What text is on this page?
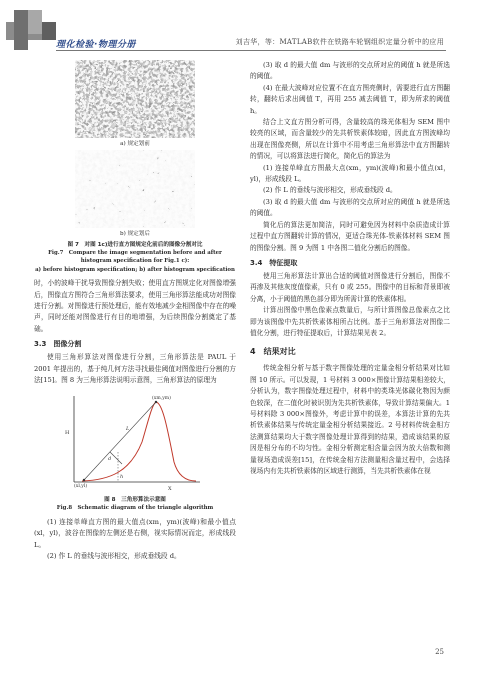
理化检验·物理分册	刘吉华，等：MATLAB软件在铁路车轮钢组织定量分析中的应用
a) 规定划前
b) 规定划后
图 7　对图 1c)进行直方图规定化前后的图像分割对比
Fig.7　Compare the image segmentation before and after
histogram specification for Fig.1 c):
a) before histogram specification; b) after histogram specification

时，小的波峰干扰导致图像分割失败；使用直方图规定化对图像增强后，图像直方图符合三角形算法要求，使用三角形算法能成功对图像进行分割。对图像进行预处理后，能有效地减少金相图像中存在的噪声，同时还能对图像进行有目的地增强，为后续图像分割奠定了基础。

3.3　图像分割

使用三角形算法对图像进行分割，三角形算法是 PAUL 于 2001 年提出的，基于纯几何方法寻找最佳阈值对图像进行分割的方法[15]。图 8 为三角形算法说明示意图，三角形算法的原理为

H
X
(xm,ym)
(xl,yl)
L
d
h
图 8　三角形算法示意图
Fig.8　Schematic diagram of the triangle algorithm

(1) 连接单峰直方图的最大值点(xm，ym)(波峰)和最小值点(xl，yl)，波谷在图像的左侧还是右侧，视实际情况而定，形成线段 L。

(2) 作 L 的垂线与波形相交，形成垂线段 d。

(3) 取 d 的最大值 dm 与波形的交点所对应的阈值 h 就是所选的阈值。

(4) 在最大波峰对应位置不在直方图亮侧时，需要进行直方图翻转，翻转后求出阈值 T，再用 255 减去阈值 T，即为所求的阈值 h。

结合上文直方图分析可得，含量较高的珠光体相为 SEM 图中较亮的区域，而含量较少的先共析铁素体较暗，因此直方图波峰均出现在图像亮侧，所以在计算中不用考虑三角形算法中直方图翻转的情况，可以将算法进行简化，简化后的算法为

(1) 连接单峰直方图最大点(xm，ym)(波峰)和最小值点(xl，yl)，形成线段 L。

(2) 作 L 的垂线与波形相交，形成垂线段 d。

(3) 取 d 的最大值 dm 与波形的交点所对应的阈值 h 就是所选的阈值。

简化后的算法更加简洁，同时可避免因为材料中杂质造成计算过程中直方图翻转计算的情况，更适合珠光体-铁素体材料 SEM 图的图像分割。图 9 为图 1 中各图二值化分割后的图像。

3.4　特征提取

使用三角形算法计算出合适的阈值对图像进行分割后，图像不再渗及其他灰度值像素，只有 0 或 255。图像中的目标和背景即被分离，小于阈值的黑色部分即为所需计算的铁素体相。

计算出图像中黑色像素点数量后，与所计算图像总像素点之比即为该图像中先共析铁素体相所占比例。基于三角形算法对图像二值化分割，进行特征提取后，计算结果见表 2。

4　结果对比

传统金相分析与基于数字图像处理的定量金相分析结果对比如图 10 所示。可以发现，1 号材料 3 000×图像计算结果相差较大，分析认为，数字图像处理过程中，材料中的类珠光体碳化物因为颜色较深，在二值化时被识别为先共析铁素体，导致计算结果偏大。1 号材料除 3 000×图像外，考虑计算中的误差，本算法计算的先共析铁素体结果与传统定量金相分析结果接近。2 号材料传统金相方法测算结果均大于数字图像处理计算得到的结果，造成该结果的原因是相分布的不均匀性。金相分析测定相含量会因为放大倍数和测量视场造成误差[15]，在传统金相方法测量相含量过程中，会选择视场内有先共析铁素体的区域进行测算，当先共析铁素体在视

25
